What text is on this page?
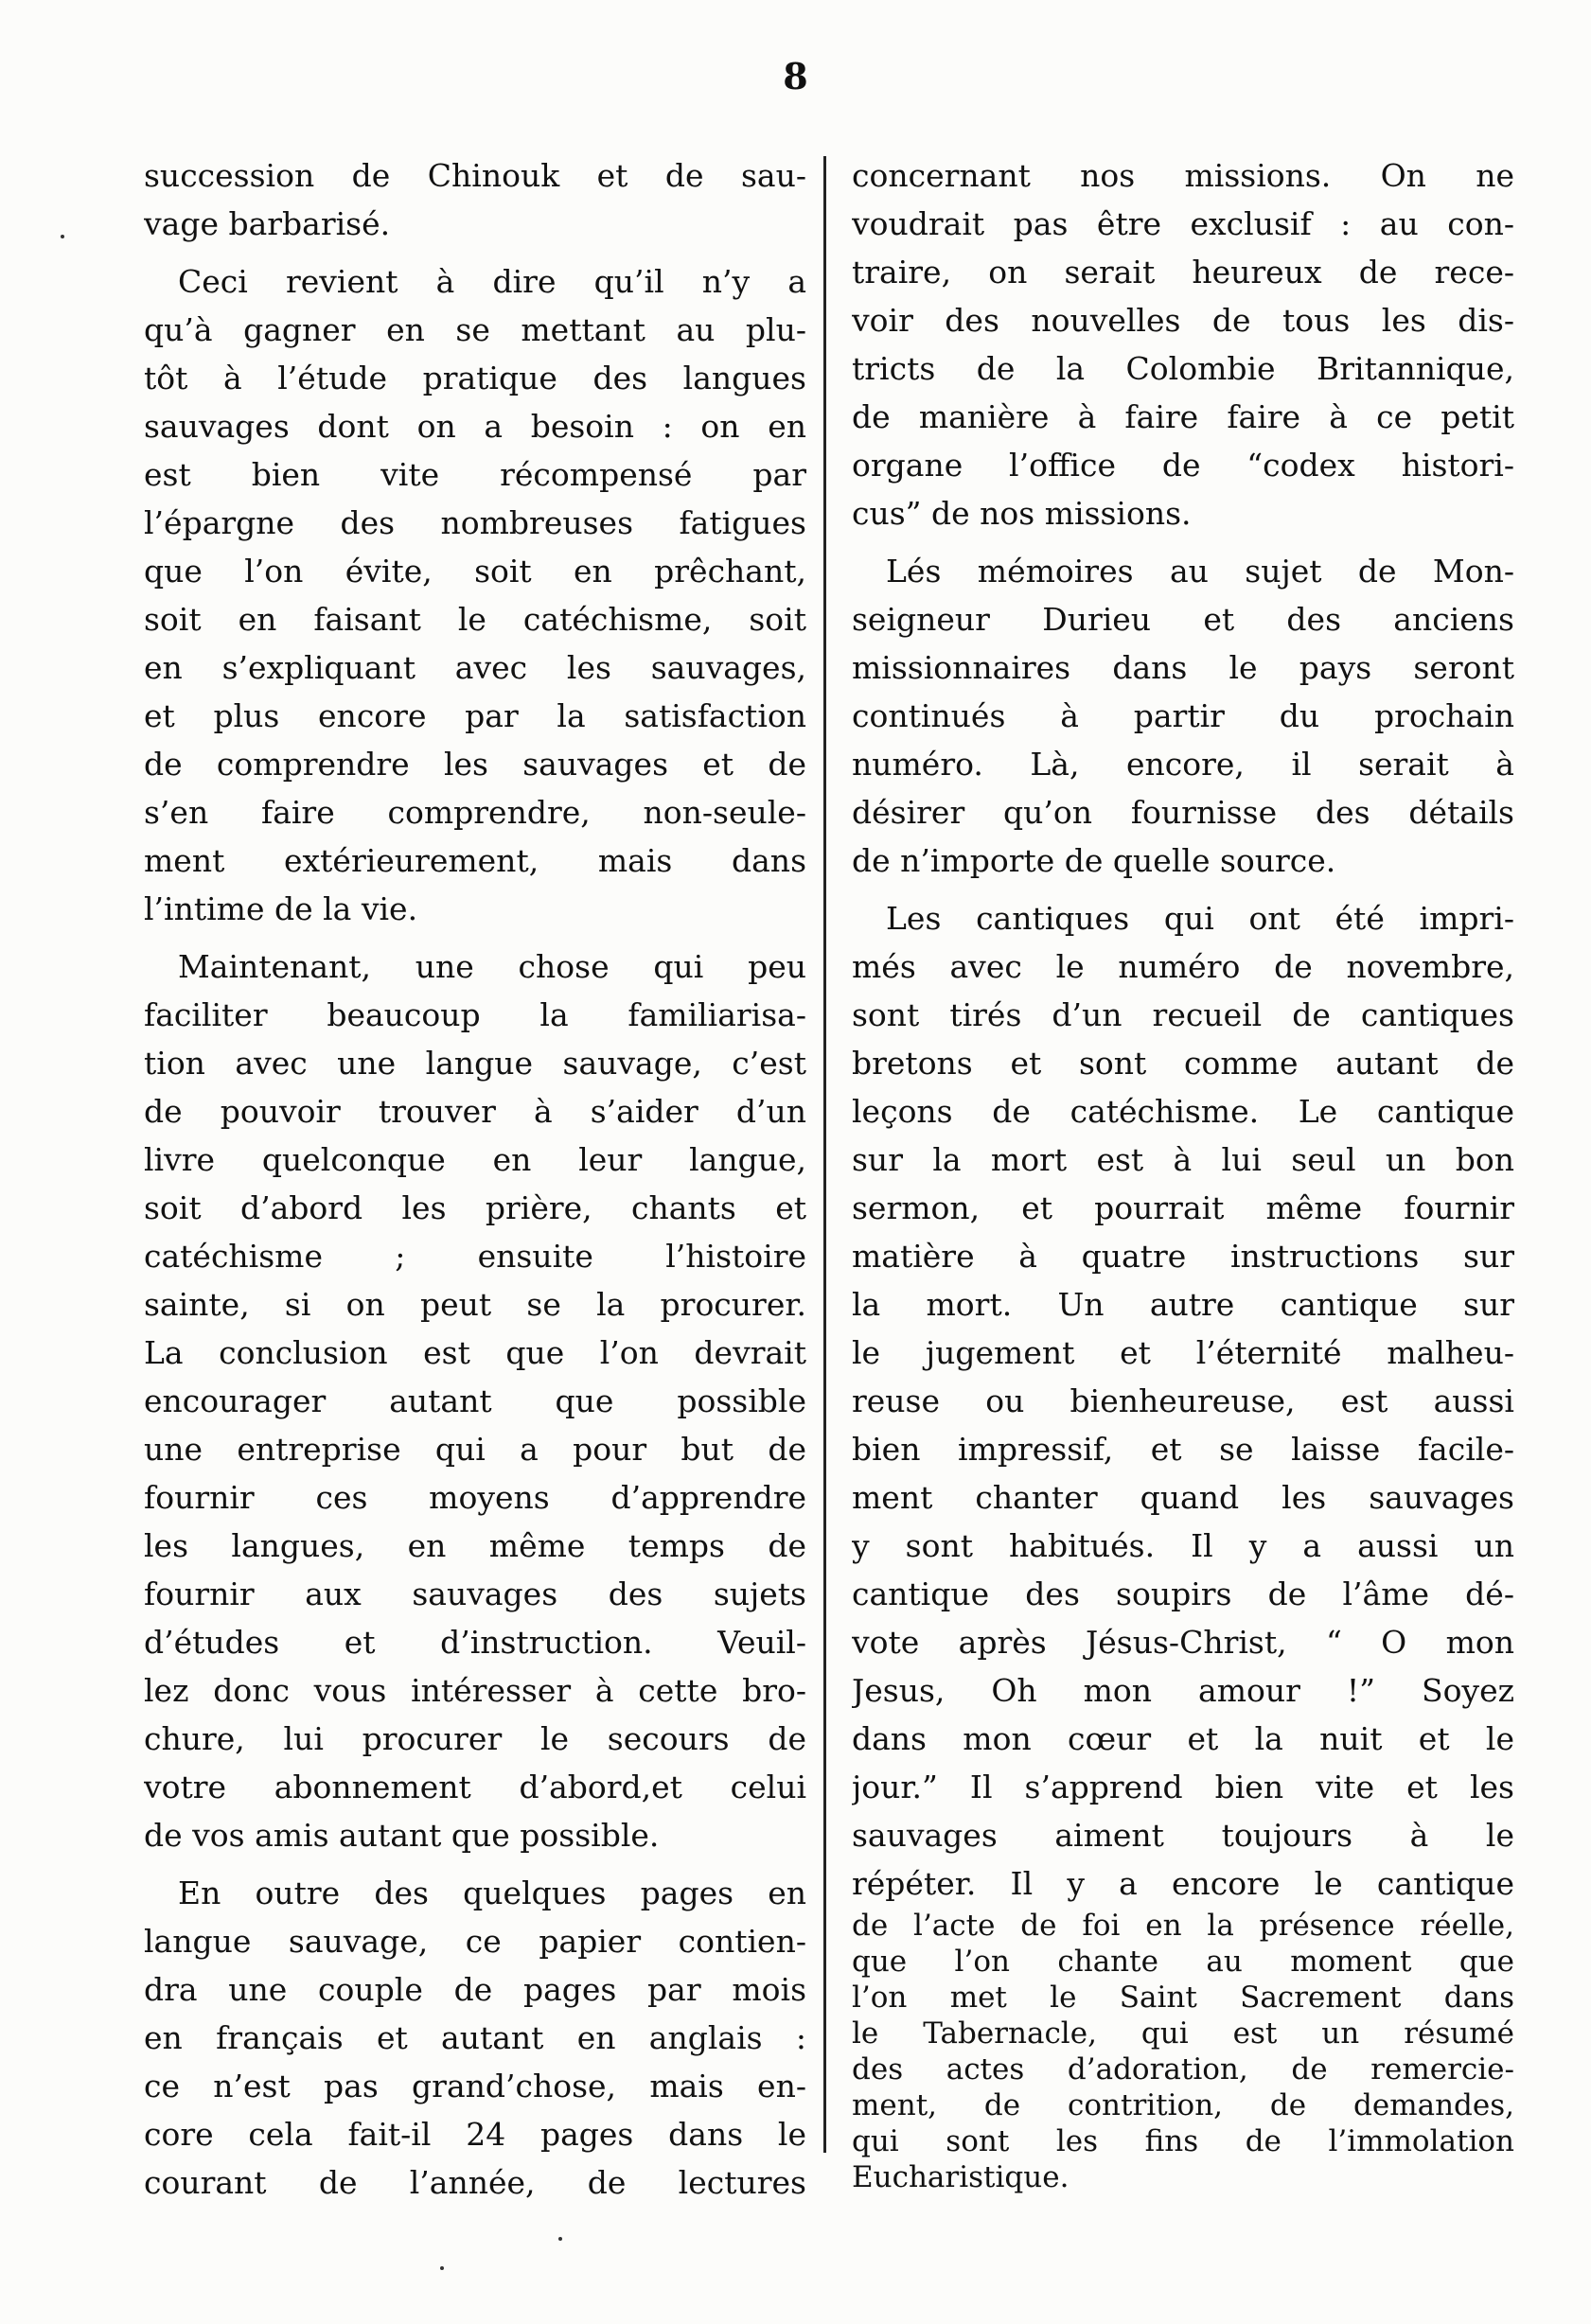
8
succession de Chinouk et de sau-
vage barbarisé.
Ceci revient à dire qu’il n’y a
qu’à gagner en se mettant au plu-
tôt à l’étude pratique des langues
sauvages dont on a besoin : on en
est bien vite récompensé par
l’épargne des nombreuses fatigues
que l’on évite, soit en prêchant,
soit en faisant le catéchisme, soit
en s’expliquant avec les sauvages,
et plus encore par la satisfaction
de comprendre les sauvages et de
s’en faire comprendre, non-seule-
ment extérieurement, mais dans
l’intime de la vie.
Maintenant, une chose qui peu
faciliter beaucoup la familiarisa-
tion avec une langue sauvage, c’est
de pouvoir trouver à s’aider d’un
livre quelconque en leur langue,
soit d’abord les prière, chants et
catéchisme ; ensuite l’histoire
sainte, si on peut se la procurer.
La conclusion est que l’on devrait
encourager autant que possible
une entreprise qui a pour but de
fournir ces moyens d’apprendre
les langues, en même temps de
fournir aux sauvages des sujets
d’études et d’instruction. Veuil-
lez donc vous intéresser à cette bro-
chure, lui procurer le secours de
votre abonnement d’abord,et celui
de vos amis autant que possible.
En outre des quelques pages en
langue sauvage, ce papier contien-
dra une couple de pages par mois
en français et autant en anglais :
ce n’est pas grand’chose, mais en-
core cela fait-il 24 pages dans le
courant de l’année, de lectures
concernant nos missions. On ne
voudrait pas être exclusif : au con-
traire, on serait heureux de rece-
voir des nouvelles de tous les dis-
tricts de la Colombie Britannique,
de manière à faire faire à ce petit
organe l’office de “codex histori-
cus” de nos missions.
Lés mémoires au sujet de Mon-
seigneur Durieu et des anciens
missionnaires dans le pays seront
continués à partir du prochain
numéro. Là, encore, il serait à
désirer qu’on fournisse des détails
de n’importe de quelle source.
Les cantiques qui ont été impri-
més avec le numéro de novembre,
sont tirés d’un recueil de cantiques
bretons et sont comme autant de
leçons de catéchisme. Le cantique
sur la mort est à lui seul un bon
sermon, et pourrait même fournir
matière à quatre instructions sur
la mort. Un autre cantique sur
le jugement et l’éternité malheu-
reuse ou bienheureuse, est aussi
bien impressif, et se laisse facile-
ment chanter quand les sauvages
y sont habitués. Il y a aussi un
cantique des soupirs de l’âme dé-
vote après Jésus-Christ, “ O mon
Jesus, Oh mon amour !” Soyez
dans mon cœur et la nuit et le
jour.” Il s’apprend bien vite et les
sauvages aiment toujours à le
répéter. Il y a encore le cantique
de l’acte de foi en la présence réelle,
que l’on chante au moment que
l’on met le Saint Sacrement dans
le Tabernacle, qui est un résumé
des actes d’adoration, de remercie-
ment, de contrition, de demandes,
qui sont les fins de l’immolation
Eucharistique.
